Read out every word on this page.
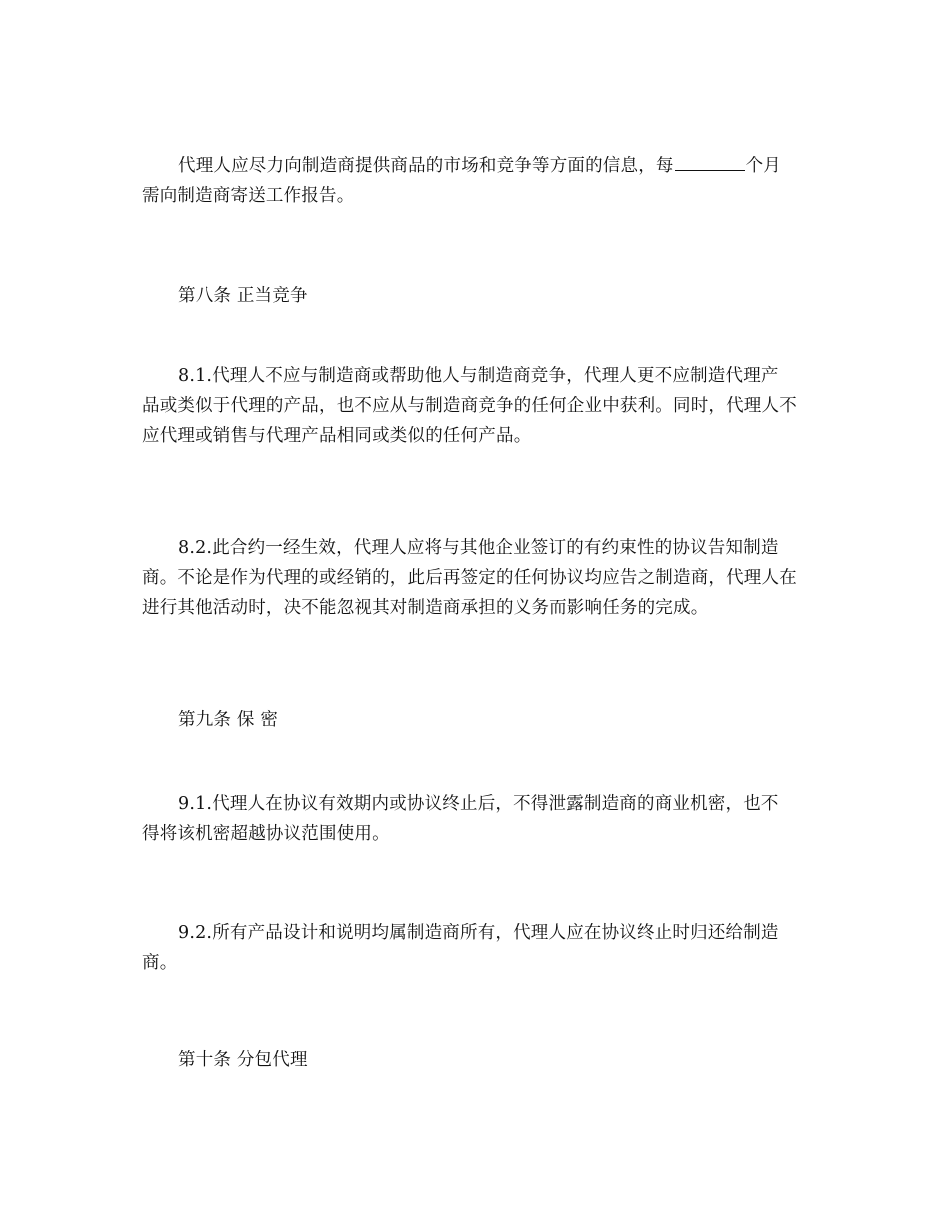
代理人应尽力向制造商提供商品的市场和竞争等方面的信息，每	个月
需向制造商寄送工作报告。
第八条 正当竞争
8.1.代理人不应与制造商或帮助他人与制造商竞争，代理人更不应制造代理产
品或类似于代理的产品，也不应从与制造商竞争的任何企业中获利。同时，代理人不
应代理或销售与代理产品相同或类似的任何产品。
8.2.此合约一经生效，代理人应将与其他企业签订的有约束性的协议告知制造
商。不论是作为代理的或经销的，此后再签定的任何协议均应告之制造商，代理人在
进行其他活动时，决不能忽视其对制造商承担的义务而影响任务的完成。
第九条 保 密
9.1.代理人在协议有效期内或协议终止后，不得泄露制造商的商业机密，也不
得将该机密超越协议范围使用。
9.2.所有产品设计和说明均属制造商所有，代理人应在协议终止时归还给制造
商。
第十条 分包代理
